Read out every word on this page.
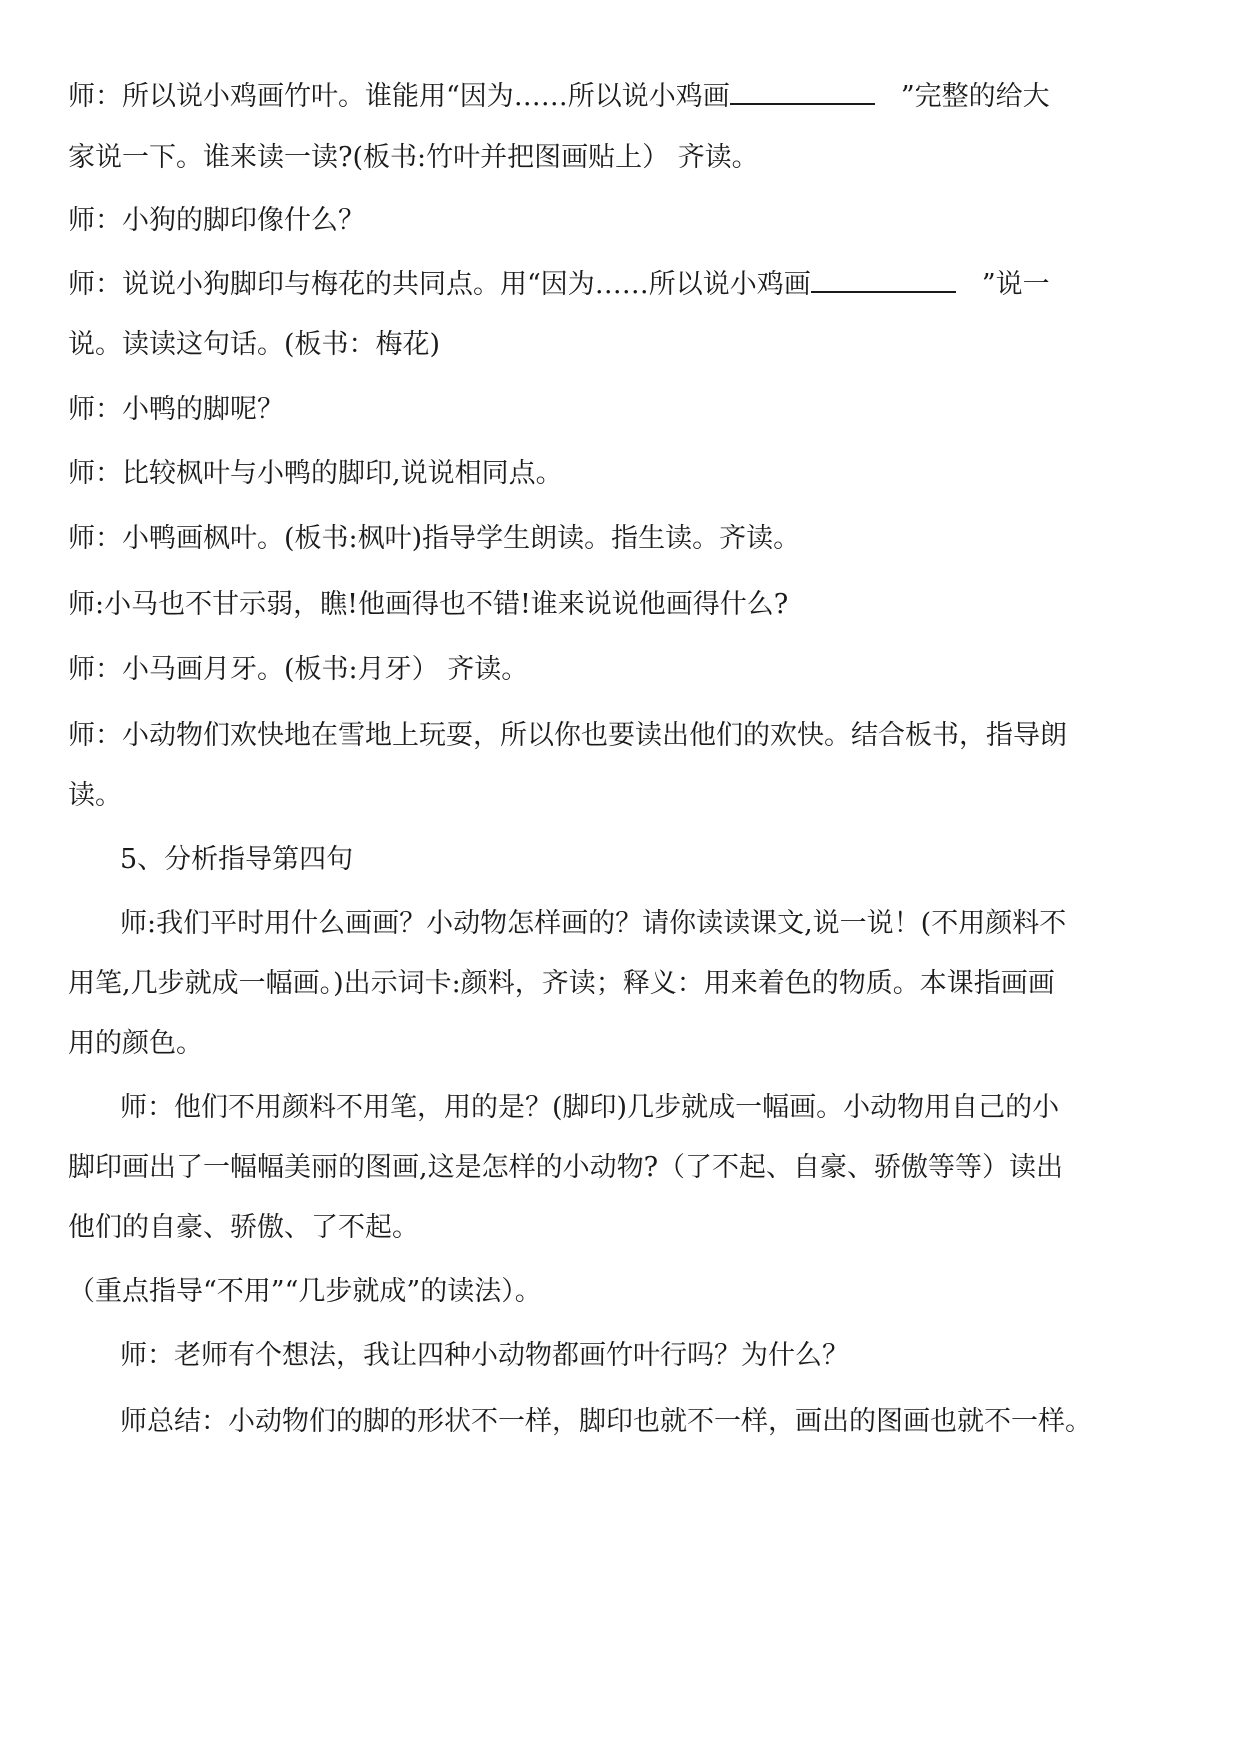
师：所以说小鸡画竹叶。谁能用“因为……所以说小鸡画	”完整的给大
家说一下。谁来读一读?(板书:竹叶并把图画贴上） 齐读。
师：小狗的脚印像什么？
师：说说小狗脚印与梅花的共同点。用“因为……所以说小鸡画	”说一
说。读读这句话。(板书：梅花)
师：小鸭的脚呢？
师：比较枫叶与小鸭的脚印,说说相同点。
师：小鸭画枫叶。(板书:枫叶)指导学生朗读。指生读。齐读。
师:小马也不甘示弱，瞧!他画得也不错!谁来说说他画得什么?
师：小马画月牙。(板书:月牙） 齐读。
师：小动物们欢快地在雪地上玩耍，所以你也要读出他们的欢快。结合板书，指导朗
读。
5、分析指导第四句
师:我们平时用什么画画？小动物怎样画的？请你读读课文,说一说！(不用颜料不
用笔,几步就成一幅画。)出示词卡:颜料，齐读；释义：用来着色的物质。本课指画画
用的颜色。
师：他们不用颜料不用笔，用的是？(脚印)几步就成一幅画。小动物用自己的小
脚印画出了一幅幅美丽的图画,这是怎样的小动物?（了不起、自豪、骄傲等等）读出
他们的自豪、骄傲、了不起。
（重点指导“不用”“几步就成”的读法）。
师：老师有个想法，我让四种小动物都画竹叶行吗？为什么？
师总结：小动物们的脚的形状不一样，脚印也就不一样，画出的图画也就不一样。
